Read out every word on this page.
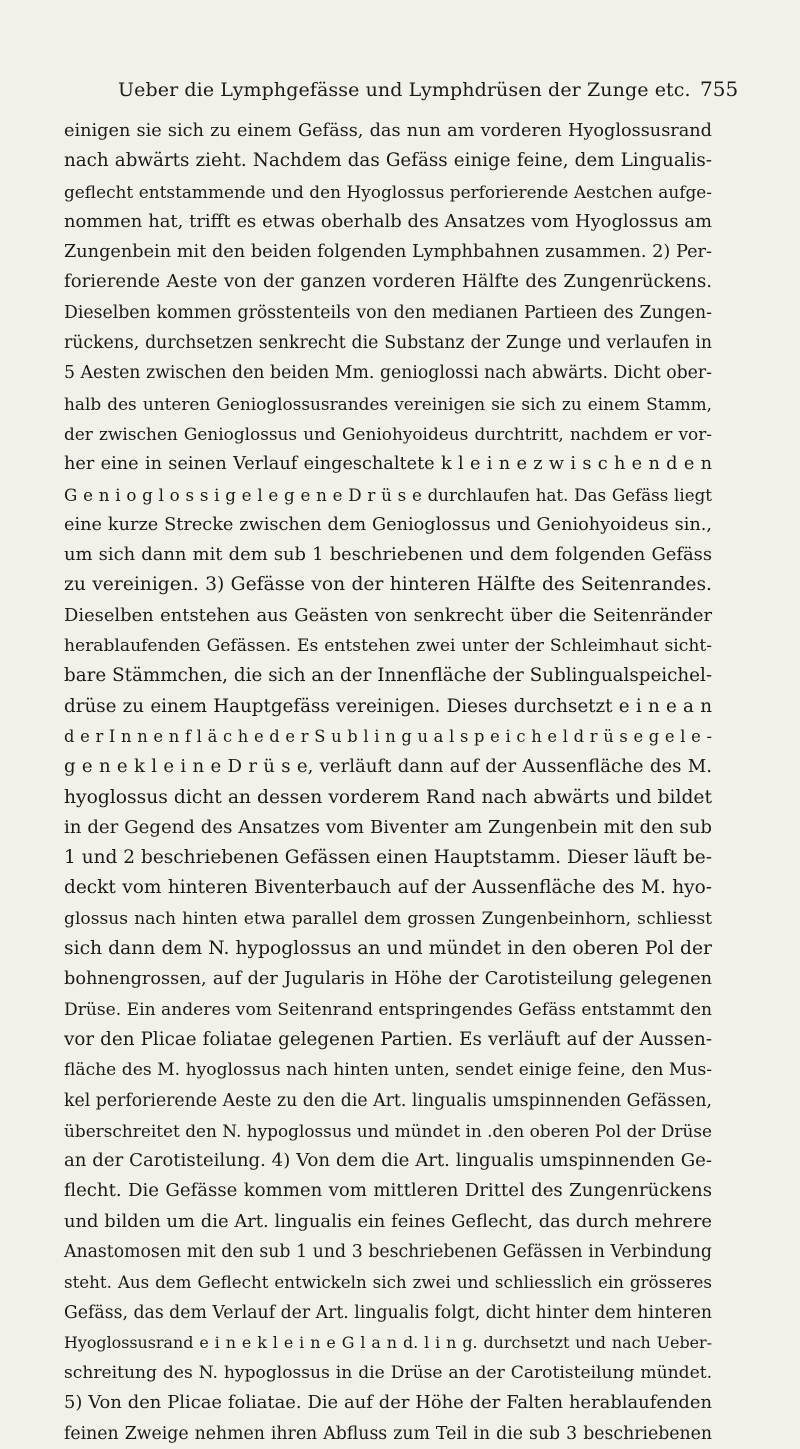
Ueber die Lymphgefässe und Lymphdrüsen der Zunge etc. 755
einigen sie sich zu einem Gefäss, das nun am vorderen Hyoglossusrand
nach abwärts zieht. Nachdem das Gefäss einige feine, dem Lingualis-
geflecht entstammende und den Hyoglossus perforierende Aestchen aufge-
nommen hat, trifft es etwas oberhalb des Ansatzes vom Hyoglossus am
Zungenbein mit den beiden folgenden Lymphbahnen zusammen. 2) Per-
forierende Aeste von der ganzen vorderen Hälfte des Zungenrückens.
Dieselben kommen grösstenteils von den medianen Partieen des Zungen-
rückens, durchsetzen senkrecht die Substanz der Zunge und verlaufen in
5 Aesten zwischen den beiden Mm. genioglossi nach abwärts. Dicht ober-
halb des unteren Genioglossusrandes vereinigen sie sich zu einem Stamm,
der zwischen Genioglossus und Geniohyoideus durchtritt, nachdem er vor-
her eine in seinen Verlauf eingeschaltete k l e i n e z w i s c h e n d e n
G e n i o g l o s s i g e l e g e n e D r ü s e durchlaufen hat. Das Gefäss liegt
eine kurze Strecke zwischen dem Genioglossus und Geniohyoideus sin.,
um sich dann mit dem sub 1 beschriebenen und dem folgenden Gefäss
zu vereinigen. 3) Gefässe von der hinteren Hälfte des Seitenrandes.
Dieselben entstehen aus Geästen von senkrecht über die Seitenränder
herablaufenden Gefässen. Es entstehen zwei unter der Schleimhaut sicht-
bare Stämmchen, die sich an der Innenfläche der Sublingualspeichel-
drüse zu einem Hauptgefäss vereinigen. Dieses durchsetzt e i n e a n
d e r I n n e n f l ä c h e d e r S u b l i n g u a l s p e i c h e l d r ü s e g e l e -
g e n e k l e i n e D r ü s e, verläuft dann auf der Aussenfläche des M.
hyoglossus dicht an dessen vorderem Rand nach abwärts und bildet
in der Gegend des Ansatzes vom Biventer am Zungenbein mit den sub
1 und 2 beschriebenen Gefässen einen Hauptstamm. Dieser läuft be-
deckt vom hinteren Biventerbauch auf der Aussenfläche des M. hyo-
glossus nach hinten etwa parallel dem grossen Zungenbeinhorn, schliesst
sich dann dem N. hypoglossus an und mündet in den oberen Pol der
bohnengrossen, auf der Jugularis in Höhe der Carotisteilung gelegenen
Drüse. Ein anderes vom Seitenrand entspringendes Gefäss entstammt den
vor den Plicae foliatae gelegenen Partien. Es verläuft auf der Aussen-
fläche des M. hyoglossus nach hinten unten, sendet einige feine, den Mus-
kel perforierende Aeste zu den die Art. lingualis umspinnenden Gefässen,
überschreitet den N. hypoglossus und mündet in .den oberen Pol der Drüse
an der Carotisteilung. 4) Von dem die Art. lingualis umspinnenden Ge-
flecht. Die Gefässe kommen vom mittleren Drittel des Zungenrückens
und bilden um die Art. lingualis ein feines Geflecht, das durch mehrere
Anastomosen mit den sub 1 und 3 beschriebenen Gefässen in Verbindung
steht. Aus dem Geflecht entwickeln sich zwei und schliesslich ein grösseres
Gefäss, das dem Verlauf der Art. lingualis folgt, dicht hinter dem hinteren
Hyoglossusrand e i n e k l e i n e G l a n d. l i n g. durchsetzt und nach Ueber-
schreitung des N. hypoglossus in die Drüse an der Carotisteilung mündet.
5) Von den Plicae foliatae. Die auf der Höhe der Falten herablaufenden
feinen Zweige nehmen ihren Abfluss zum Teil in die sub 3 beschriebenen
